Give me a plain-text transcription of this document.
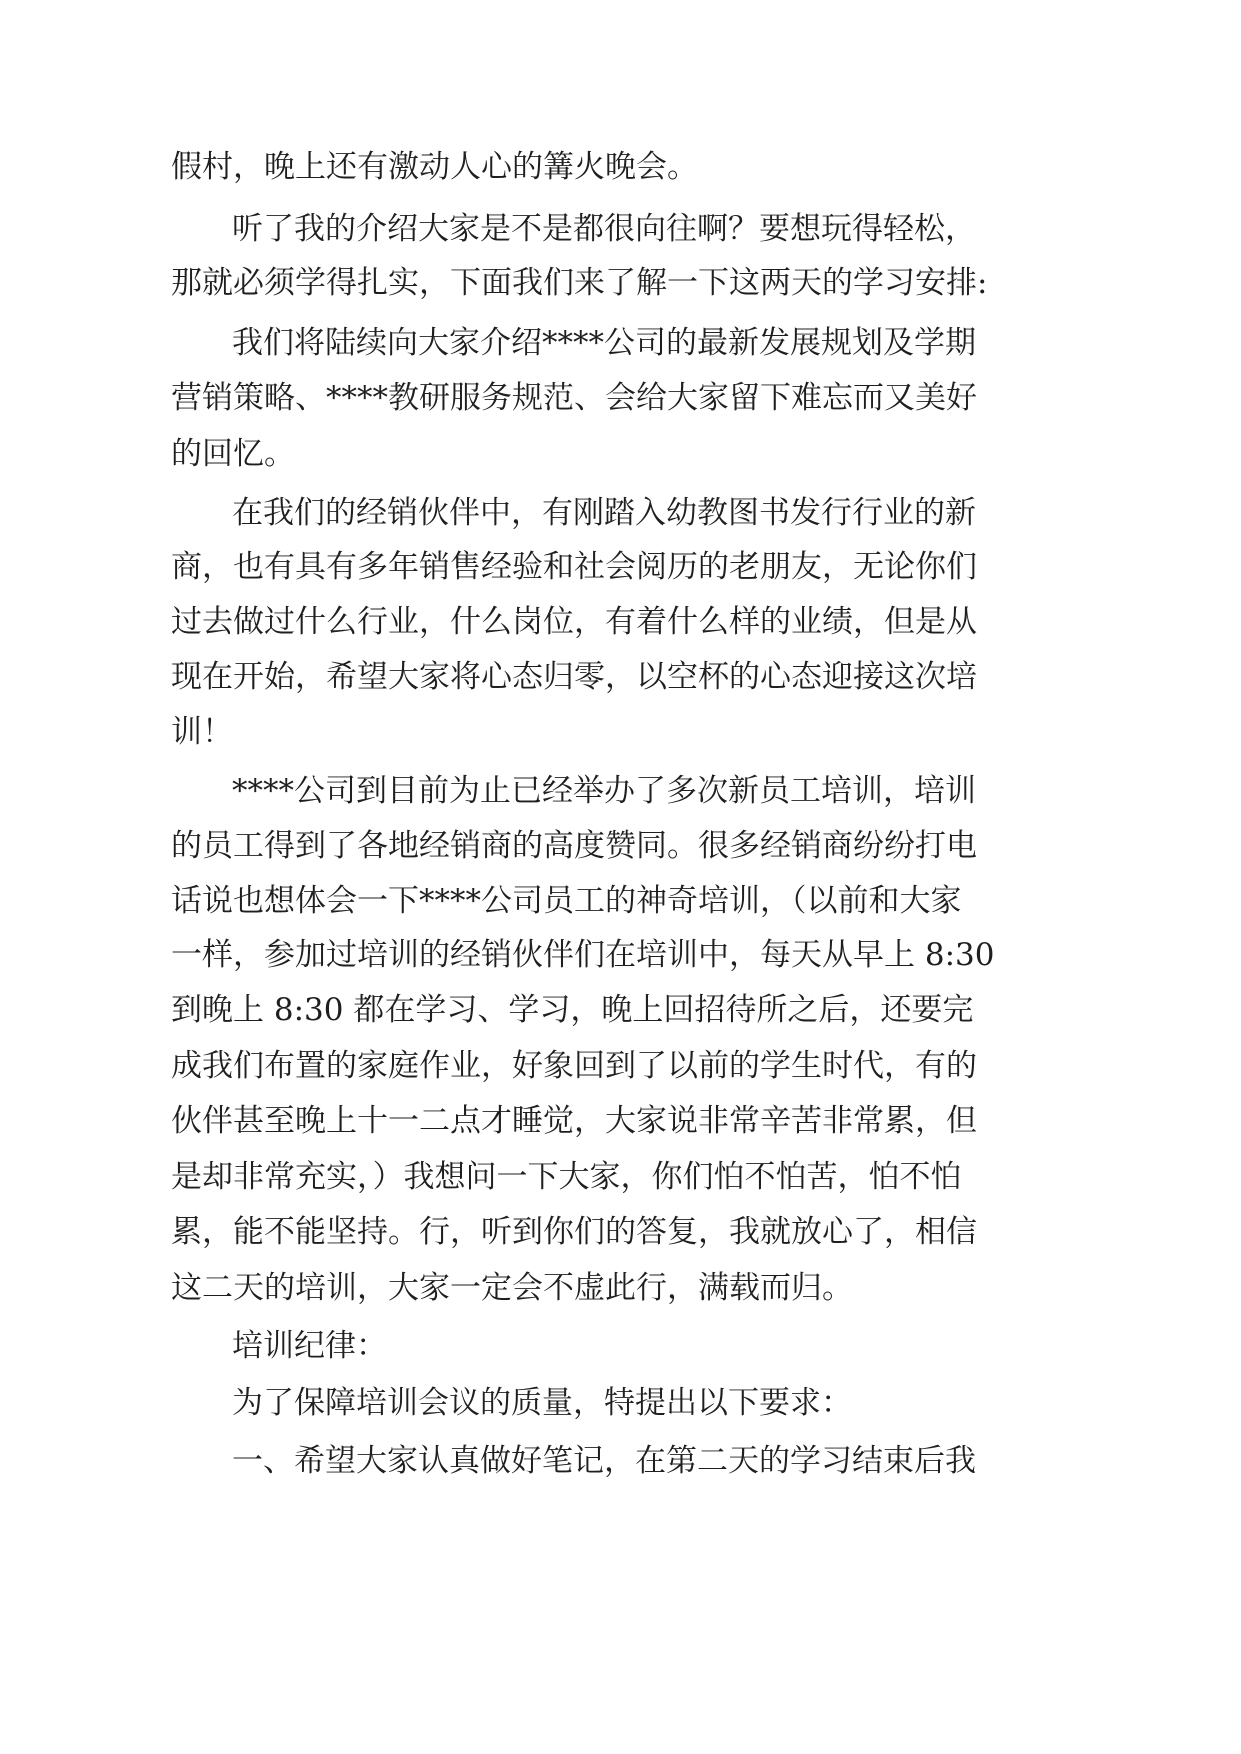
假村，晚上还有激动人心的篝火晚会。

听了我的介绍大家是不是都很向往啊？要想玩得轻松，

那就必须学得扎实，下面我们来了解一下这两天的学习安排:

我们将陆续向大家介绍****公司的最新发展规划及学期

营销策略、****教研服务规范、会给大家留下难忘而又美好

的回忆。

在我们的经销伙伴中，有刚踏入幼教图书发行行业的新

商，也有具有多年销售经验和社会阅历的老朋友，无论你们

过去做过什么行业，什么岗位，有着什么样的业绩，但是从

现在开始，希望大家将心态归零，以空杯的心态迎接这次培

训！

****公司到目前为止已经举办了多次新员工培训，培训

的员工得到了各地经销商的高度赞同。很多经销商纷纷打电

话说也想体会一下****公司员工的神奇培训，（以前和大家

一样，参加过培训的经销伙伴们在培训中，每天从早上 8:30

到晚上 8:30 都在学习、学习，晚上回招待所之后，还要完

成我们布置的家庭作业，好象回到了以前的学生时代，有的

伙伴甚至晚上十一二点才睡觉，大家说非常辛苦非常累，但

是却非常充实，）我想问一下大家，你们怕不怕苦，怕不怕

累，能不能坚持。行，听到你们的答复，我就放心了，相信

这二天的培训，大家一定会不虚此行，满载而归。

培训纪律：

为了保障培训会议的质量，特提出以下要求：

一、希望大家认真做好笔记，在第二天的学习结束后我
